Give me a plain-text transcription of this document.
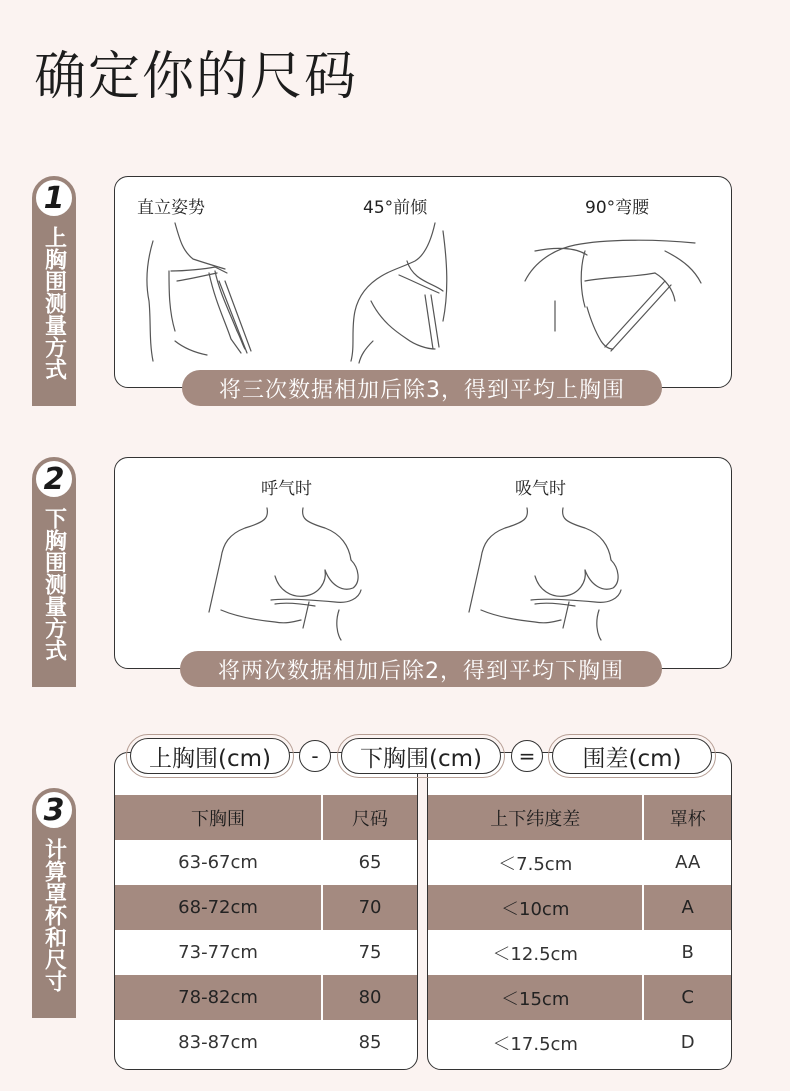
确定你的尺码
1
上胸围测量方式
直立姿势	45°前倾	90°弯腰
将三次数据相加后除3，得到平均上胸围
2
下胸围测量方式
呼气时	吸气时
将两次数据相加后除2，得到平均下胸围
3
计算罩杯和尺寸
下胸围	尺码
63-67cm	65
68-72cm	70
73-77cm	75
78-82cm	80
83-87cm	85
上下纬度差	罩杯
＜7.5cm	AA
＜10cm	A
＜12.5cm	B
＜15cm	C
＜17.5cm	D
上胸围(cm)	-	下胸围(cm)	=	围差(cm)
